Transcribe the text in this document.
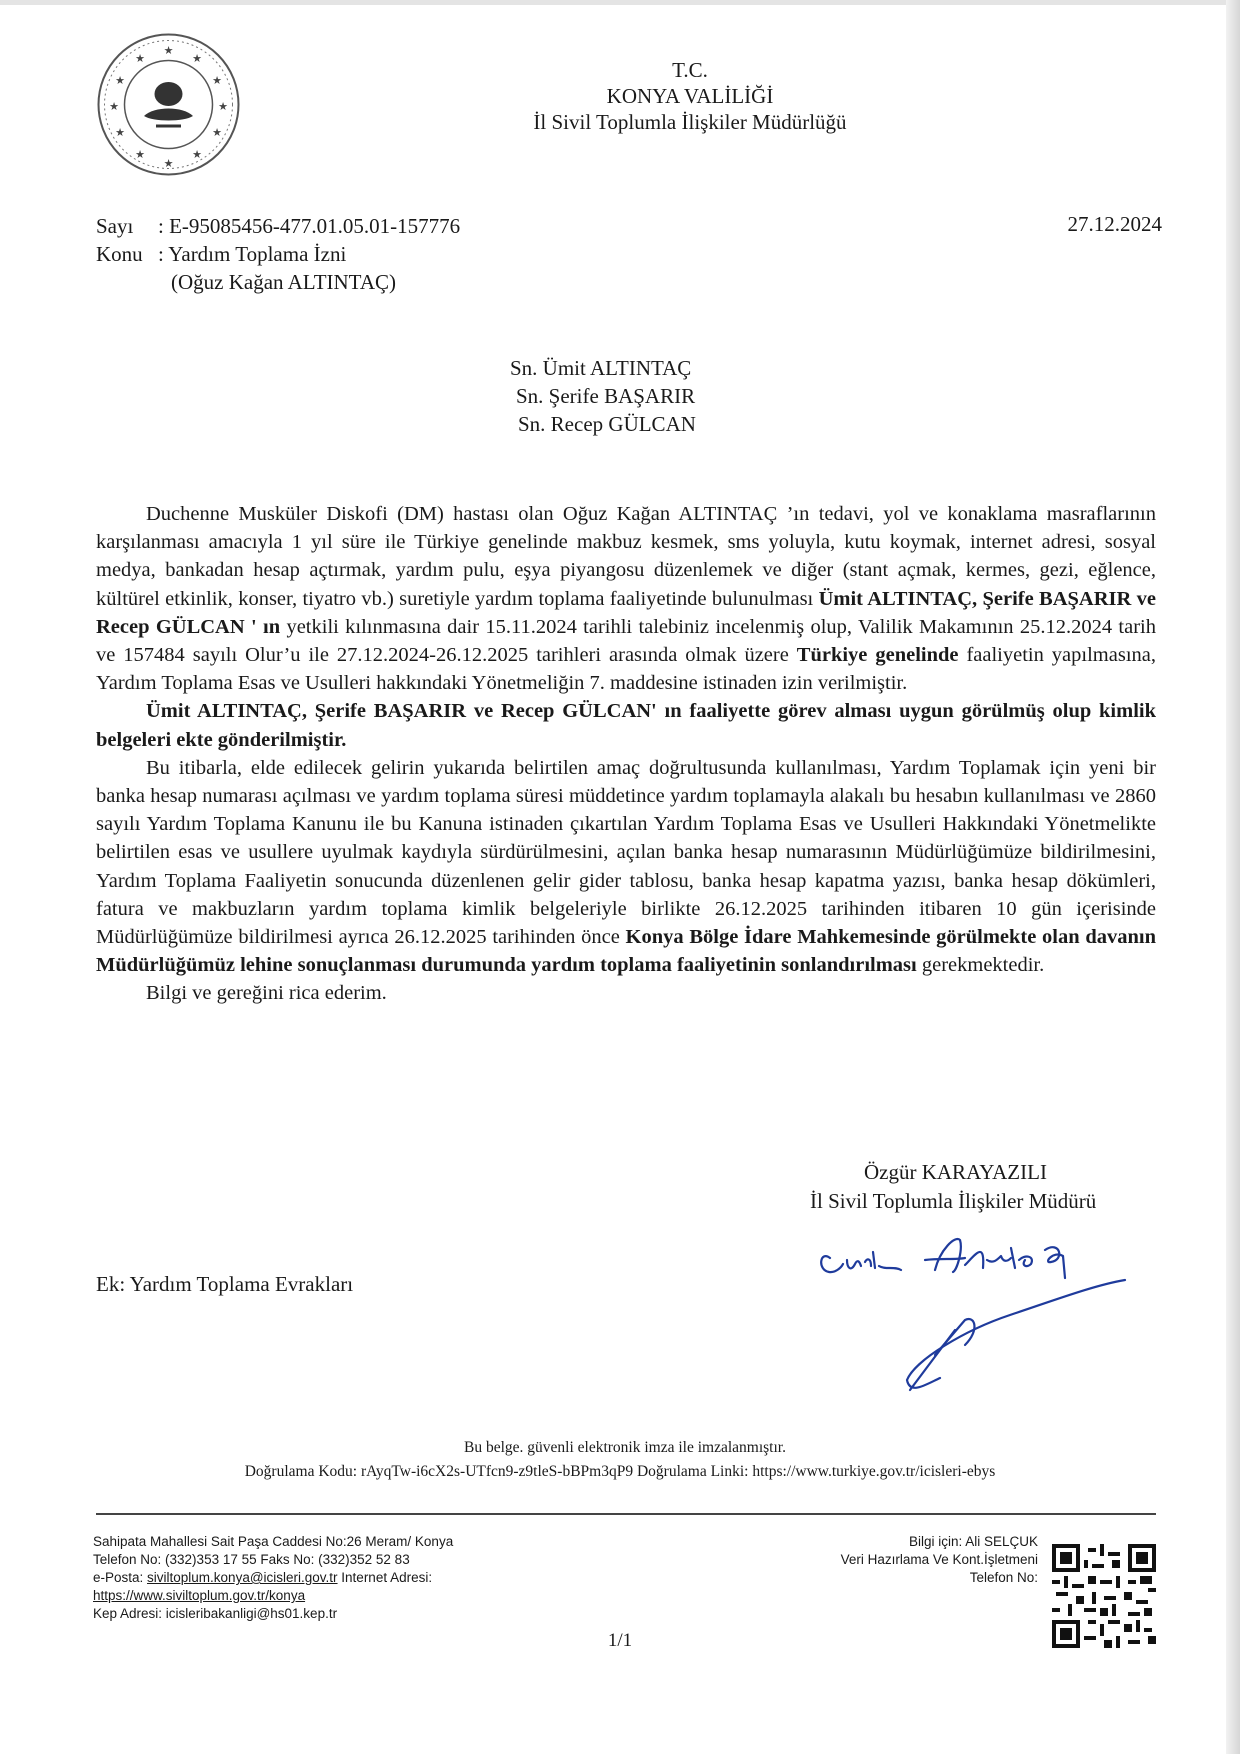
★
★	★
★	★
★	★
★	★
★	★
★
T.C.
KONYA VALİLİĞİ
İl Sivil Toplumla İlişkiler Müdürlüğü
Sayı : E-95085456-477.01.05.01-157776
Konu : Yardım Toplama İzni
(Oğuz Kağan ALTINTAÇ)
27.12.2024
Sn. Ümit ALTINTAÇ
Sn. Şerife BAŞARIR
Sn. Recep GÜLCAN

Duchenne Musküler Diskofi (DM) hastası olan Oğuz Kağan ALTINTAÇ ’ın tedavi, yol ve konaklama masraflarının karşılanması amacıyla 1 yıl süre ile Türkiye genelinde makbuz kesmek, sms yoluyla, kutu koymak, internet adresi, sosyal medya, bankadan hesap açtırmak, yardım pulu, eşya piyangosu düzenlemek ve diğer (stant açmak, kermes, gezi, eğlence, kültürel etkinlik, konser, tiyatro vb.) suretiyle yardım toplama faaliyetinde bulunulması Ümit ALTINTAÇ, Şerife BAŞARIR ve Recep GÜLCAN ' ın yetkili kılınmasına dair 15.11.2024 tarihli talebiniz incelenmiş olup, Valilik Makamının 25.12.2024 tarih ve 157484 sayılı Olur’u ile 27.12.2024-26.12.2025 tarihleri arasında olmak üzere Türkiye genelinde faaliyetin yapılmasına, Yardım Toplama Esas ve Usulleri hakkındaki Yönetmeliğin 7. maddesine istinaden izin verilmiştir.

Ümit ALTINTAÇ, Şerife BAŞARIR ve Recep GÜLCAN' ın faaliyette görev alması uygun görülmüş olup kimlik belgeleri ekte gönderilmiştir.

Bu itibarla, elde edilecek gelirin yukarıda belirtilen amaç doğrultusunda kullanılması, Yardım Toplamak için yeni bir banka hesap numarası açılması ve yardım toplama süresi müddetince yardım toplamayla alakalı bu hesabın kullanılması ve 2860 sayılı Yardım Toplama Kanunu ile bu Kanuna istinaden çıkartılan Yardım Toplama Esas ve Usulleri Hakkındaki Yönetmelikte belirtilen esas ve usullere uyulmak kaydıyla sürdürülmesini, açılan banka hesap numarasının Müdürlüğümüze bildirilmesini, Yardım Toplama Faaliyetin sonucunda düzenlenen gelir gider tablosu, banka hesap kapatma yazısı, banka hesap dökümleri, fatura ve makbuzların yardım toplama kimlik belgeleriyle birlikte 26.12.2025 tarihinden itibaren 10 gün içerisinde Müdürlüğümüze bildirilmesi ayrıca 26.12.2025 tarihinden önce Konya Bölge İdare Mahkemesinde görülmekte olan davanın Müdürlüğümüz lehine sonuçlanması durumunda yardım toplama faaliyetinin sonlandırılması gerekmektedir.

Bilgi ve gereğini rica ederim.

Özgür KARAYAZILI
İl Sivil Toplumla İlişkiler Müdürü
Ek: Yardım Toplama Evrakları
Bu belge. güvenli elektronik imza ile imzalanmıştır.
Doğrulama Kodu: rAyqTw-i6cX2s-UTfcn9-z9tleS-bBPm3qP9 Doğrulama Linki: https://www.turkiye.gov.tr/icisleri-ebys
Sahipata Mahallesi Sait Paşa Caddesi No:26 Meram/ Konya
Telefon No: (332)353 17 55 Faks No: (332)352 52 83
e-Posta: siviltoplum.konya@icisleri.gov.tr Internet Adresi:
https://www.siviltoplum.gov.tr/konya
Kep Adresi: icisleribakanligi@hs01.kep.tr
Bilgi için: Ali SELÇUK
Veri Hazırlama Ve Kont.İşletmeni
Telefon No:
1/1
